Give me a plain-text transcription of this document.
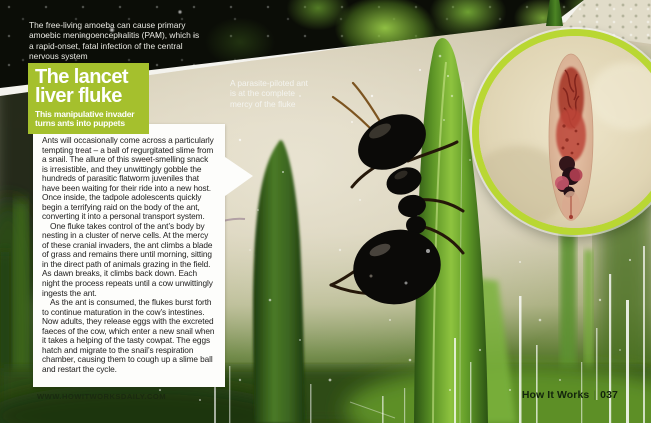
The free-living amoeba can cause primary amoebic meningoencephalitis (PAM), which is a rapid-onset, fatal infection of the central nervous system
The lancet liver fluke

This manipulative invader turns ants into puppets

Ants will occasionally come across a particularly tempting treat – a ball of regurgitated slime from a snail. The allure of this sweet-smelling snack is irresistible, and they unwittingly gobble the hundreds of parasitic flatworm juveniles that have been waiting for their ride into a new host. Once inside, the tadpole adolescents quickly begin a terrifying raid on the body of the ant, converting it into a personal transport system.

One fluke takes control of the ant’s body by nesting in a cluster of nerve cells. At the mercy of these cranial invaders, the ant climbs a blade of grass and remains there until morning, sitting in the direct path of animals grazing in the field. As dawn breaks, it climbs back down. Each night the process repeats until a cow unwittingly ingests the ant.

As the ant is consumed, the flukes burst forth to continue maturation in the cow’s intestines. Now adults, they release eggs with the excreted faeces of the cow, which enter a new snail when it takes a helping of the tasty cowpat. The eggs hatch and migrate to the snail’s respiration chamber, causing them to cough up a slime ball and restart the cycle.

A parasite-piloted ant is at the complete mercy of the fluke
WWW.HOWITWORKSDAILY.COM	How It Works | 037
